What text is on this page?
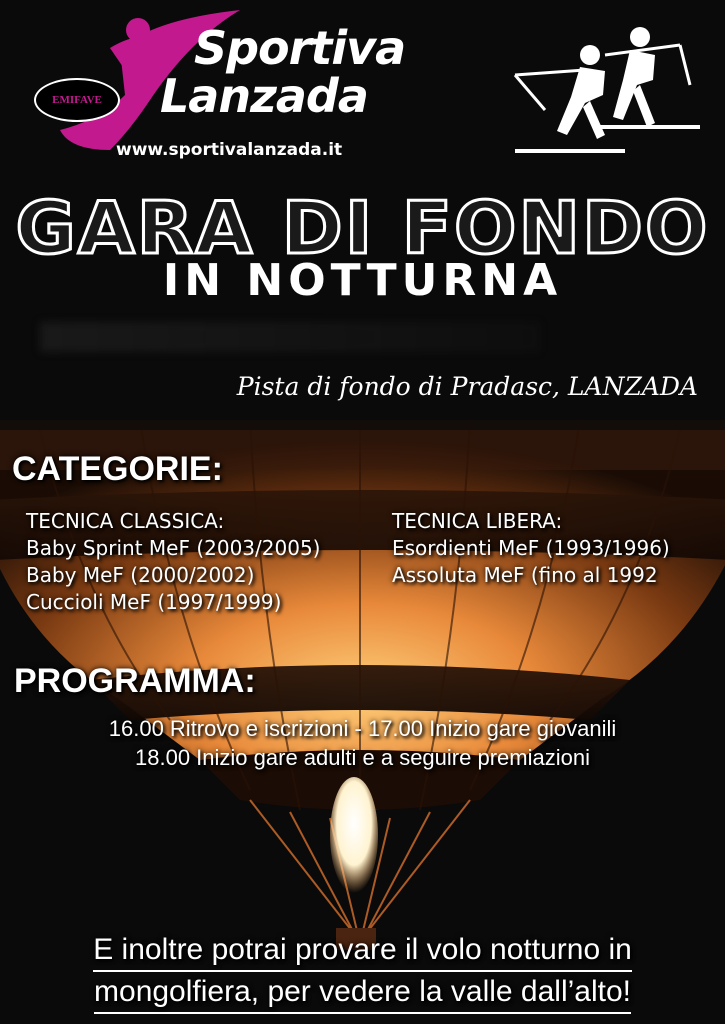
EMIFAVE
Sportiva
Lanzada
www.sportivalanzada.it
GARA DI FONDO
IN NOTTURNA
Pista di fondo di Pradasc, LANZADA
CATEGORIE:
TECNICA CLASSICA:
Baby Sprint MeF (2003/2005)
Baby MeF (2000/2002)
Cuccioli MeF (1997/1999)
TECNICA LIBERA:
Esordienti MeF (1993/1996)
Assoluta MeF (fino al 1992
PROGRAMMA:
16.00 Ritrovo e iscrizioni - 17.00 Inizio gare giovanili
18.00 Inizio gare adulti e a seguire premiazioni
E inoltre potrai provare il volo notturno in
mongolfiera, per vedere la valle dall’alto!
